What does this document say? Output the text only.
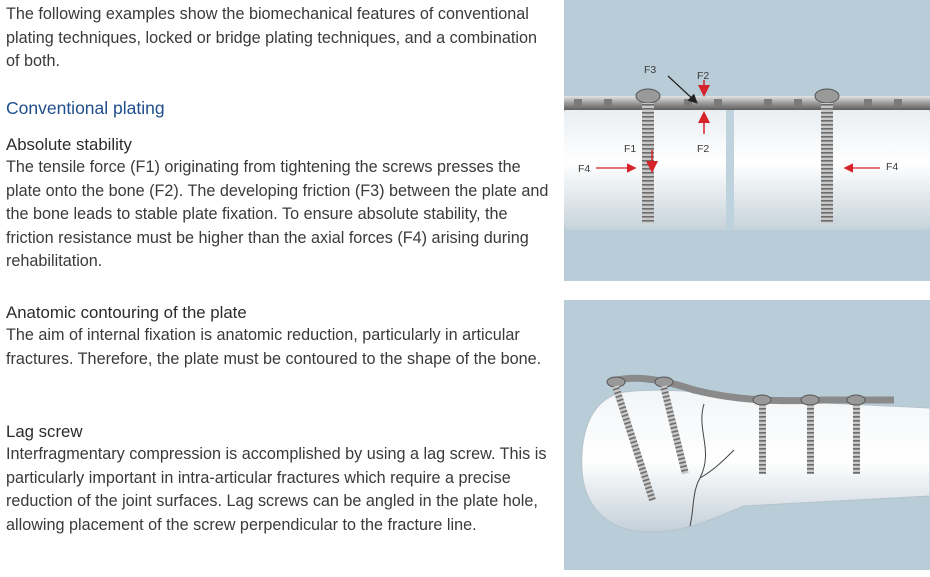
The following examples show the biomechanical features of conventional plating techniques, locked or bridge plating techniques, and a combination of both.

Conventional plating
Absolute stability

The tensile force (F1) originating from tightening the screws presses the plate onto the bone (F2). The developing friction (F3) between the plate and the bone leads to stable plate fixation. To ensure absolute stability, the friction resistance must be higher than the axial forces (F4) arising during rehabilitation.

Anatomic contouring of the plate

The aim of internal fixation is anatomic reduction, particularly in articular fractures. Therefore, the plate must be contoured to the shape of the bone.

Lag screw

Interfragmentary compression is accomplished by using a lag screw. This is particularly important in intra-articular fractures which require a precise reduction of the joint surfaces. Lag screws can be angled in the plate hole, allowing placement of the screw perpendicular to the fracture line.

F1
F2
F2
F3
F4	F4
